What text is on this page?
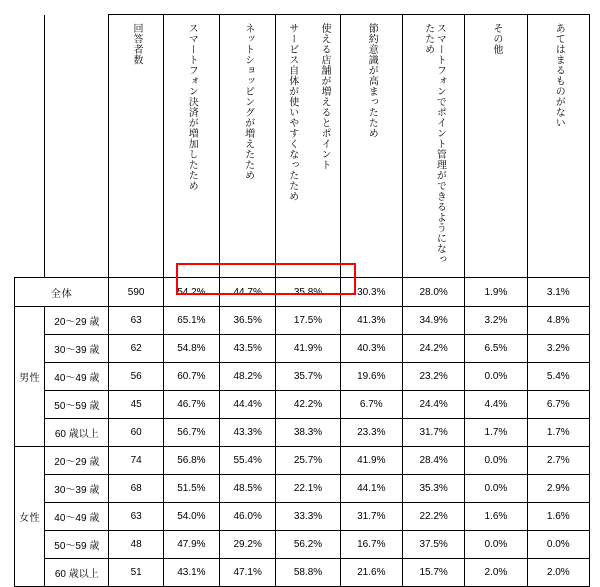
		回答者数	スマートフォン決済が増加したため	ネットショッピングが増えたため	サービス自体が使いやすくなったため 使える店舗が増えるとポイント	節約意識が高まったため	スマートフォンでポイント管理ができるようになったため	その他	あてはまるものがない

全体		590	54.2%	44.7%	35.8%	30.3%	28.0%	1.9%	3.1%
男性	20〜29 歳	63	65.1%	36.5%	17.5%	41.3%	34.9%	3.2%	4.8%
	30〜39 歳	62	54.8%	43.5%	41.9%	40.3%	24.2%	6.5%	3.2%
	40〜49 歳	56	60.7%	48.2%	35.7%	19.6%	23.2%	0.0%	5.4%
	50〜59 歳	45	46.7%	44.4%	42.2%	6.7%	24.4%	4.4%	6.7%
	60 歳以上	60	56.7%	43.3%	38.3%	23.3%	31.7%	1.7%	1.7%
女性	20〜29 歳	74	56.8%	55.4%	25.7%	41.9%	28.4%	0.0%	2.7%
	30〜39 歳	68	51.5%	48.5%	22.1%	44.1%	35.3%	0.0%	2.9%
	40〜49 歳	63	54.0%	46.0%	33.3%	31.7%	22.2%	1.6%	1.6%
	50〜59 歳	48	47.9%	29.2%	56.2%	16.7%	37.5%	0.0%	0.0%
	60 歳以上	51	43.1%	47.1%	58.8%	21.6%	15.7%	2.0%	2.0%
